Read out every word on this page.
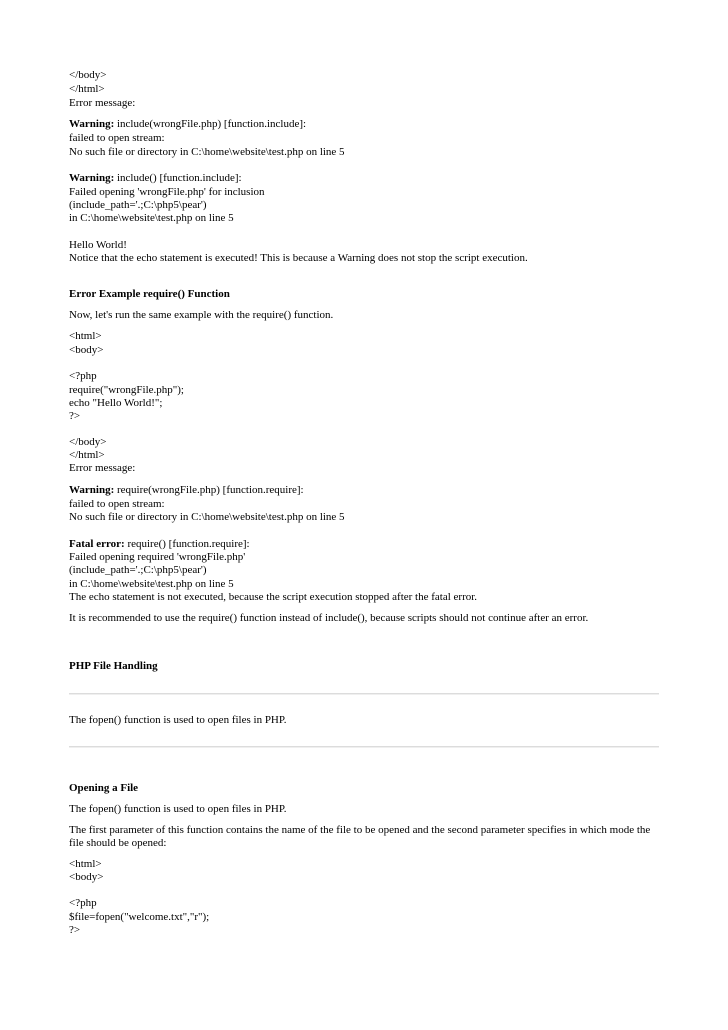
</body>
</html>
Error message:
Warning: include(wrongFile.php) [function.include]:
failed to open stream:
No such file or directory in C:\home\website\test.php on line 5
Warning: include() [function.include]:
Failed opening 'wrongFile.php' for inclusion
(include_path='.;C:\php5\pear')
in C:\home\website\test.php on line 5
Hello World!
Notice that the echo statement is executed! This is because a Warning does not stop the script execution.
Error Example require() Function
Now, let's run the same example with the require() function.
<html>
<body>
<?php
require("wrongFile.php");
echo "Hello World!";
?>
</body>
</html>
Error message:
Warning: require(wrongFile.php) [function.require]:
failed to open stream:
No such file or directory in C:\home\website\test.php on line 5
Fatal error: require() [function.require]:
Failed opening required 'wrongFile.php'
(include_path='.;C:\php5\pear')
in C:\home\website\test.php on line 5
The echo statement is not executed, because the script execution stopped after the fatal error.
It is recommended to use the require() function instead of include(), because scripts should not continue after an error.
PHP File Handling
The fopen() function is used to open files in PHP.
Opening a File
The fopen() function is used to open files in PHP.
The first parameter of this function contains the name of the file to be opened and the second parameter specifies in which mode the file should be opened:
<html>
<body>
<?php
$file=fopen("welcome.txt","r");
?>
